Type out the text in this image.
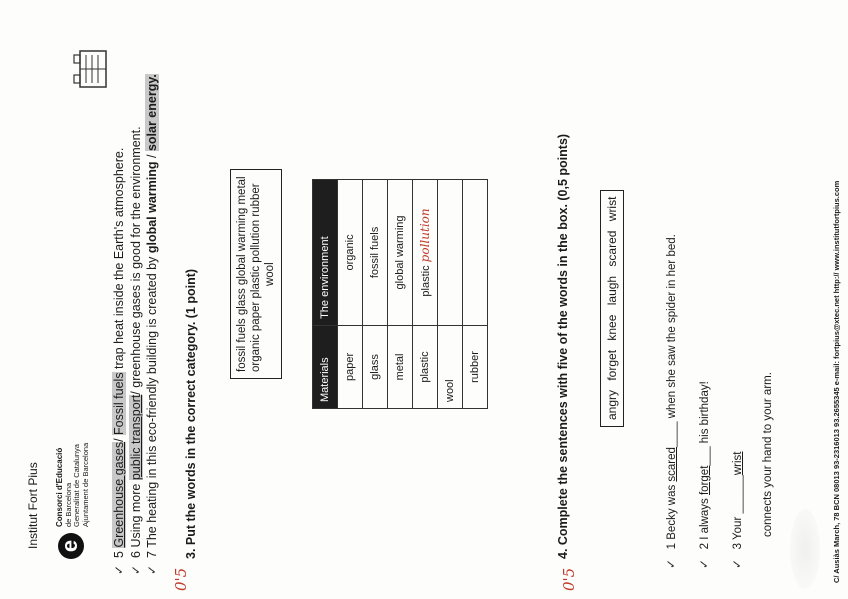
Institut Fort Pius e
Consorci d'Educació
de Barcelona
Generalitat de Catalunya
Ajuntament de Barcelona
✓  5 Greenhouse gases/ Fossil fuels trap heat inside the Earth's atmosphere.
✓  6 Using more public transport/ greenhouse gases is good for the environment.
✓  7 The heating in this eco-friendly building is created by global warming / solar energy.
0'5
3. Put the words in the correct category. (1 point)	fossil fuels glass global warming metal organic paper plastic pollution rubber wool
Materials	The environment
paper	organic
glass	fossil fuels
metal	global warming
plastic	plastic pollution
wool	
rubber	
0'5
4. Complete the sentences with five of the words in the box. (0,5 points)	angry forget knee laugh scared wrist
✓   1 Becky was scared____ when she saw the spider in her bed.
✓   2 I always forget___ his birthday!
✓   3 Your ______wrist connects your hand to your arm.	C/ Ausiàs March, 78 BCN 08013 93-2316013 93.2655345 e-mail: fortpius@xtec.net http:// www.institutfortpius.com
